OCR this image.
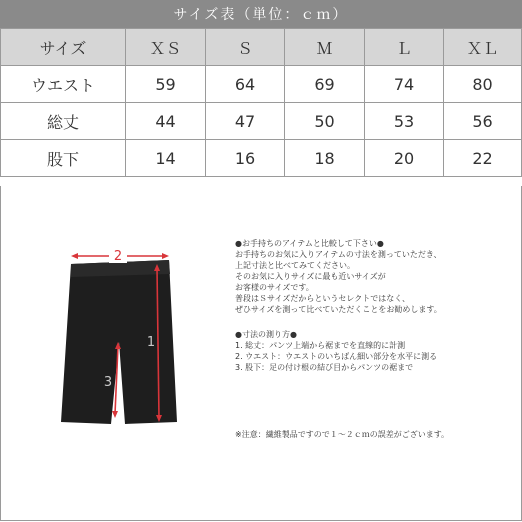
サイズ表（単位：ｃｍ）
サイズ	ＸＳ	Ｓ	Ｍ	Ｌ	ＸＬ
ウエスト	59	64	69	74	80
総丈	44	47	50	53	56
股下	14	16	18	20	22
2
1
3
●お手持ちのアイテムと比較して下さい●
お手持ちのお気に入りアイテムの寸法を測っていただき、
上記寸法と比べてみてください。
そのお気に入りサイズに最も近いサイズが
お客様のサイズです。
普段はＳサイズだからというセレクトではなく、
ぜひサイズを測って比べていただくことをお勧めします。
●寸法の測り方●
1. 総丈：パンツ上端から裾までを直線的に計測
2. ウエスト：ウエストのいちばん細い部分を水平に測る
3. 股下：足の付け根の結び目からパンツの裾まで
※注意：繊維製品ですので１～２ｃｍの誤差がございます。
